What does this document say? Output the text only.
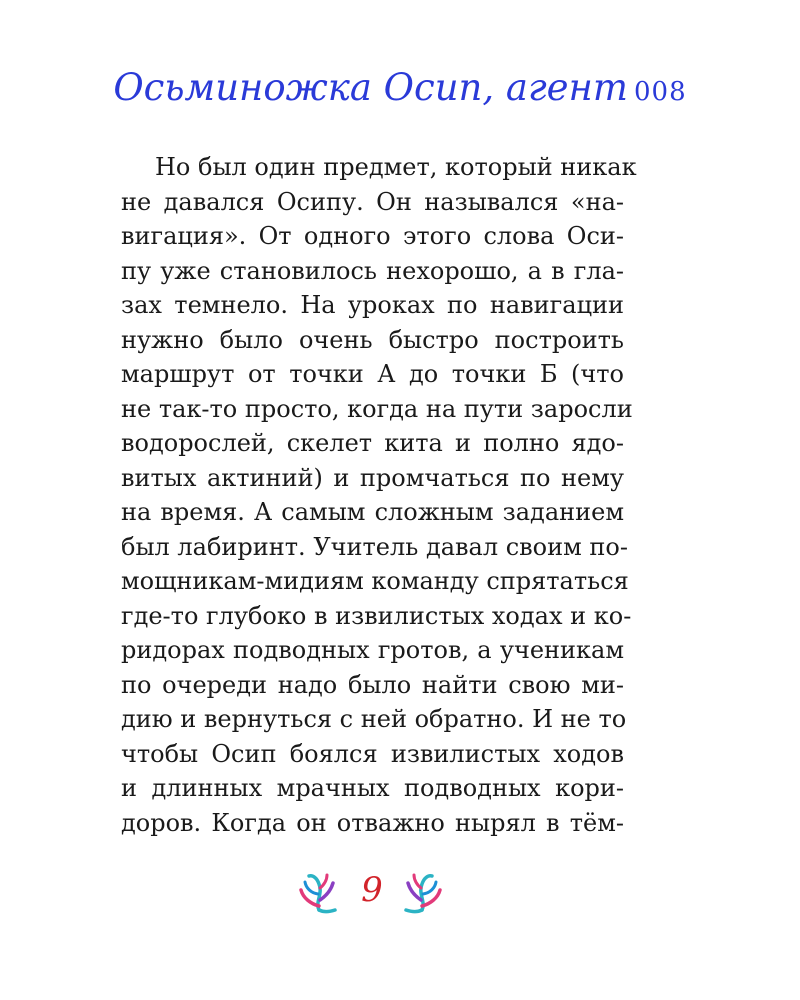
Осьминожка Осип, агент 008
Но был один предмет, который никак
не давался Осипу. Он назывался «на-
вигация». От одного этого слова Оси-
пу уже становилось нехорошо, а в гла-
зах темнело. На уроках по навигации
нужно было очень быстро построить
маршрут от точки А до точки Б (что
не так-то просто, когда на пути заросли
водорослей, скелет кита и полно ядо-
витых актиний) и промчаться по нему
на время. А самым сложным заданием
был лабиринт. Учитель давал своим по-
мощникам-мидиям команду спрятаться
где-то глубоко в извилистых ходах и ко-
ридорах подводных гротов, а ученикам
по очереди надо было найти свою ми-
дию и вернуться с ней обратно. И не то
чтобы Осип боялся извилистых ходов
и длинных мрачных подводных кори-
доров. Когда он отважно нырял в тём-
9
